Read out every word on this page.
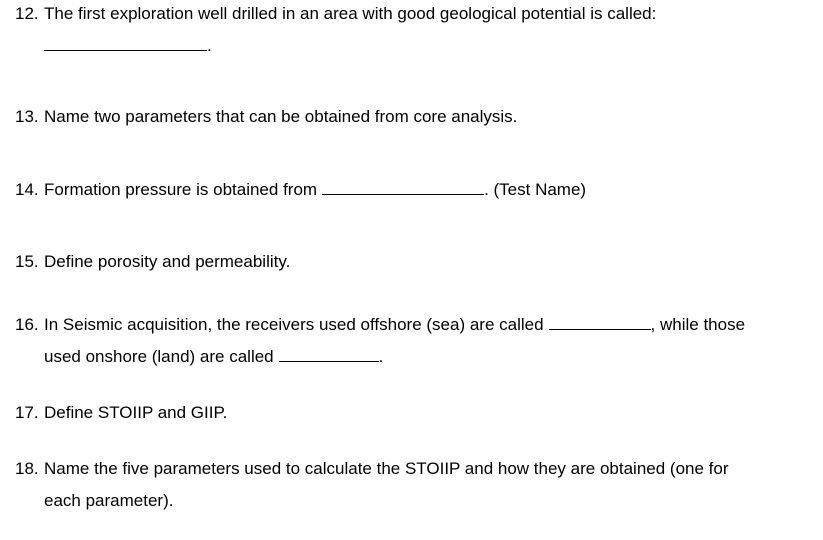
12. The first exploration well drilled in an area with good geological potential is called:
.
13. Name two parameters that can be obtained from core analysis.
14. Formation pressure is obtained from	. (Test Name)
15. Define porosity and permeability.
16. In Seismic acquisition, the receivers used offshore (sea) are called	, while those
used onshore (land) are called	.
17. Define STOIIP and GIIP.
18. Name the five parameters used to calculate the STOIIP and how they are obtained (one for
each parameter).
